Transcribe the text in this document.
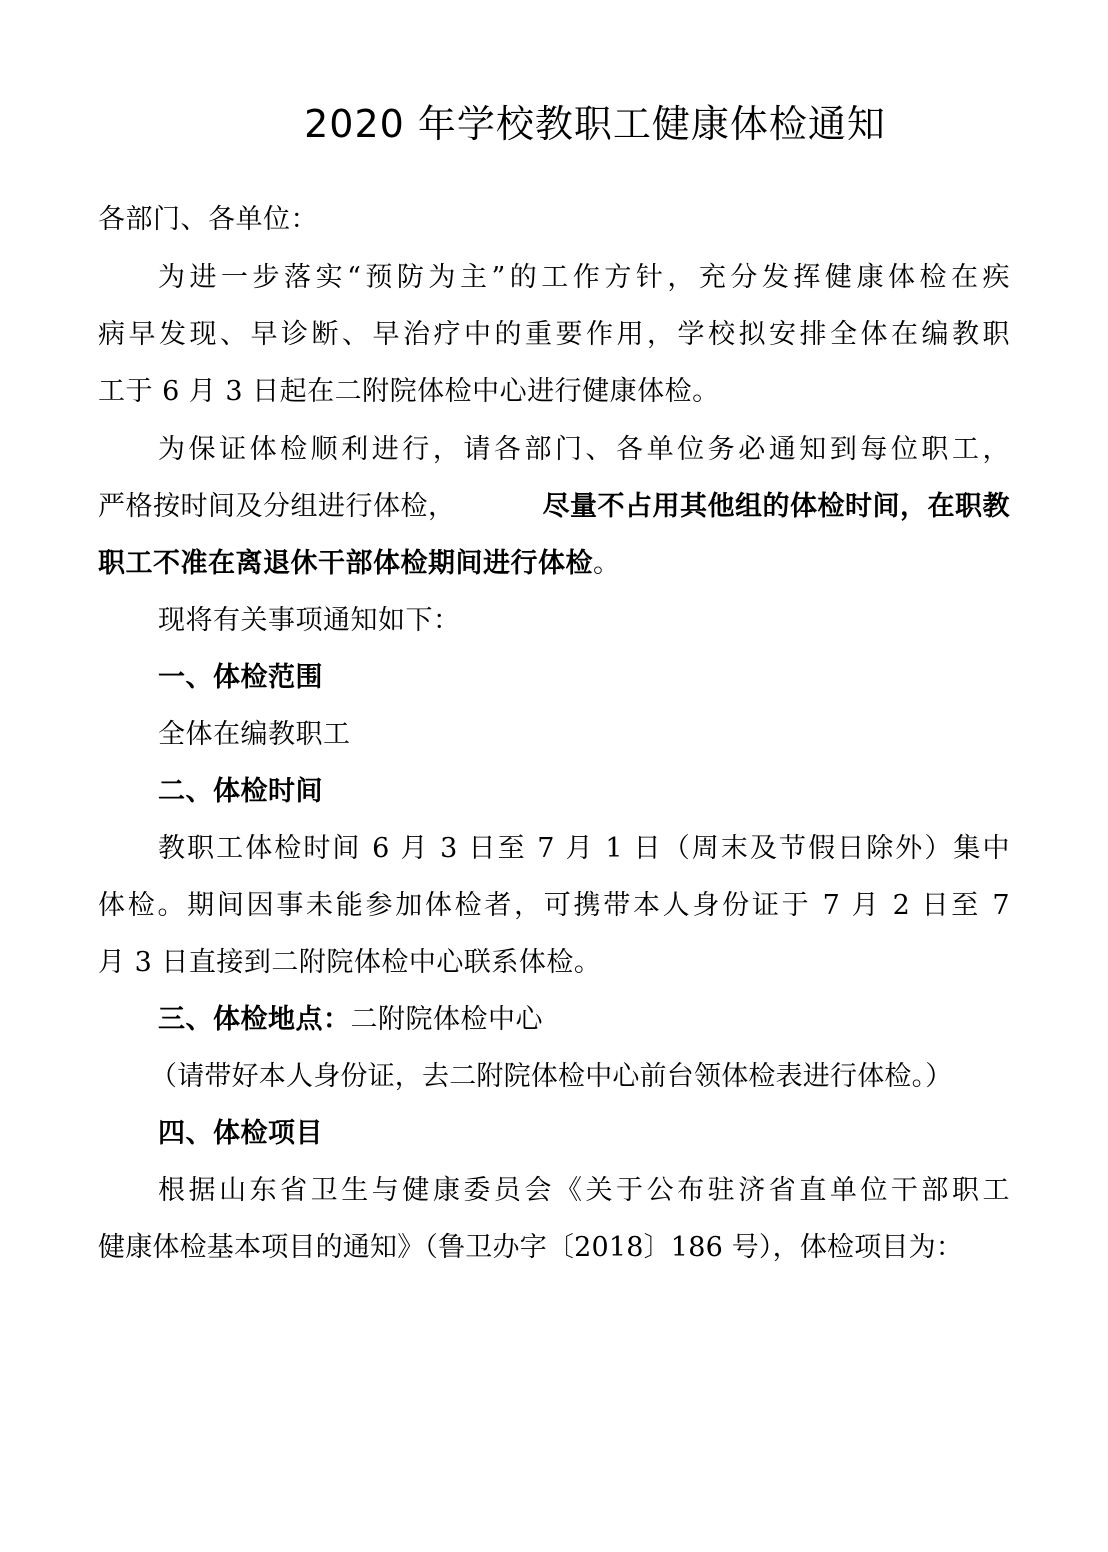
2020 年学校教职工健康体检通知
各部门、各单位：
为进一步落实“预防为主”的工作方针，充分发挥健康体检在疾
病早发现、早诊断、早治疗中的重要作用，学校拟安排全体在编教职
工于 6 月 3 日起在二附院体检中心进行健康体检。
为保证体检顺利进行，请各部门、各单位务必通知到每位职工，
严格按时间及分组进行体检，	尽量不占用其他组的体检时间，在职教
职工不准在离退休干部体检期间进行体检。
现将有关事项通知如下：
一、体检范围
全体在编教职工
二、体检时间
教职工体检时间 6 月 3 日至 7 月 1 日（周末及节假日除外）集中
体检。期间因事未能参加体检者，可携带本人身份证于 7 月 2 日至 7
月 3 日直接到二附院体检中心联系体检。
三、体检地点：二附院体检中心
（请带好本人身份证，去二附院体检中心前台领体检表进行体检。）
四、体检项目
根据山东省卫生与健康委员会《关于公布驻济省直单位干部职工
健康体检基本项目的通知》（鲁卫办字〔2018〕186 号），体检项目为：
